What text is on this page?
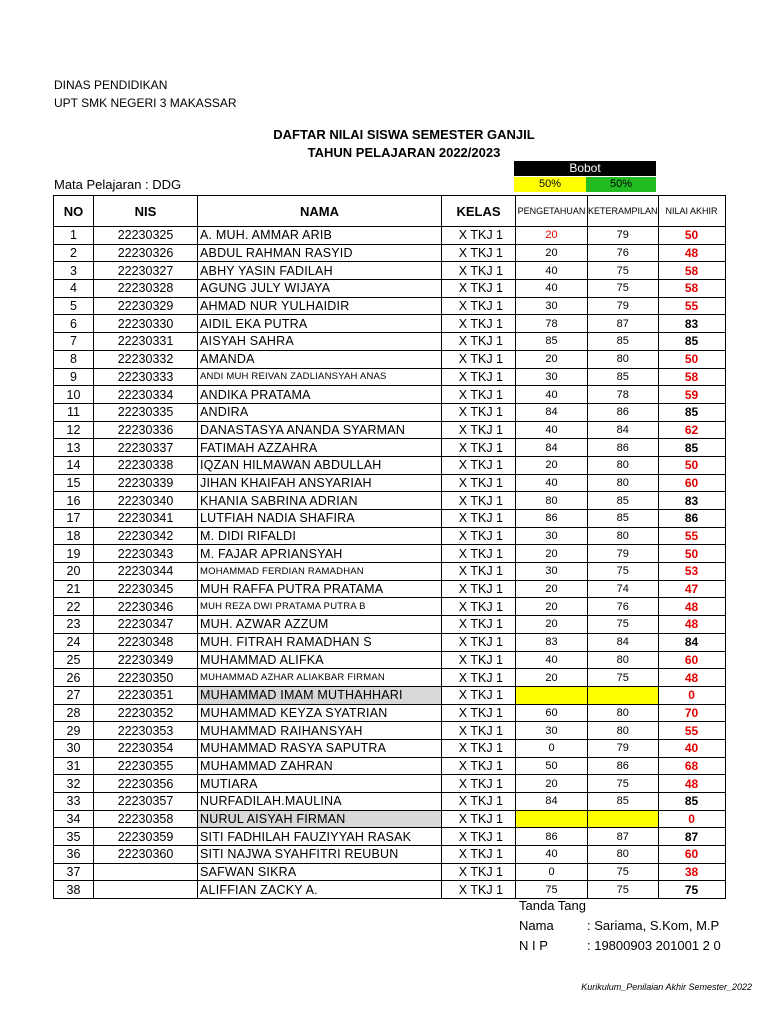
DINAS PENDIDIKAN
UPT SMK NEGERI 3 MAKASSAR
DAFTAR NILAI SISWA SEMESTER GANJIL
TAHUN PELAJARAN 2022/2023
Mata Pelajaran : DDG
Bobot
50%	50%
NO	NIS	NAMA	KELAS	PENGETAHUAN	KETERAMPILAN	NILAI AKHIR
1	22230325	A. MUH. AMMAR ARIB	X TKJ 1	20	79	50
2	22230326	ABDUL RAHMAN RASYID	X TKJ 1	20	76	48
3	22230327	ABHY YASIN FADILAH	X TKJ 1	40	75	58
4	22230328	AGUNG JULY WIJAYA	X TKJ 1	40	75	58
5	22230329	AHMAD NUR YULHAIDIR	X TKJ 1	30	79	55
6	22230330	AIDIL EKA PUTRA	X TKJ 1	78	87	83
7	22230331	AISYAH SAHRA	X TKJ 1	85	85	85
8	22230332	AMANDA	X TKJ 1	20	80	50
9	22230333	ANDI MUH REIVAN ZADLIANSYAH ANAS	X TKJ 1	30	85	58
10	22230334	ANDIKA PRATAMA	X TKJ 1	40	78	59
11	22230335	ANDIRA	X TKJ 1	84	86	85
12	22230336	DANASTASYA ANANDA SYARMAN	X TKJ 1	40	84	62
13	22230337	FATIMAH AZZAHRA	X TKJ 1	84	86	85
14	22230338	IQZAN HILMAWAN ABDULLAH	X TKJ 1	20	80	50
15	22230339	JIHAN KHAIFAH ANSYARIAH	X TKJ 1	40	80	60
16	22230340	KHANIA SABRINA ADRIAN	X TKJ 1	80	85	83
17	22230341	LUTFIAH NADIA SHAFIRA	X TKJ 1	86	85	86
18	22230342	M. DIDI RIFALDI	X TKJ 1	30	80	55
19	22230343	M. FAJAR APRIANSYAH	X TKJ 1	20	79	50
20	22230344	MOHAMMAD FERDIAN RAMADHAN	X TKJ 1	30	75	53
21	22230345	MUH RAFFA PUTRA PRATAMA	X TKJ 1	20	74	47
22	22230346	MUH REZA DWI PRATAMA PUTRA B	X TKJ 1	20	76	48
23	22230347	MUH. AZWAR AZZUM	X TKJ 1	20	75	48
24	22230348	MUH. FITRAH RAMADHAN S	X TKJ 1	83	84	84
25	22230349	MUHAMMAD ALIFKA	X TKJ 1	40	80	60
26	22230350	MUHAMMAD AZHAR ALIAKBAR FIRMAN	X TKJ 1	20	75	48
27	22230351	MUHAMMAD IMAM MUTHAHHARI	X TKJ 1			0
28	22230352	MUHAMMAD KEYZA SYATRIAN	X TKJ 1	60	80	70
29	22230353	MUHAMMAD RAIHANSYAH	X TKJ 1	30	80	55
30	22230354	MUHAMMAD RASYA SAPUTRA	X TKJ 1	0	79	40
31	22230355	MUHAMMAD ZAHRAN	X TKJ 1	50	86	68
32	22230356	MUTIARA	X TKJ 1	20	75	48
33	22230357	NURFADILAH.MAULINA	X TKJ 1	84	85	85
34	22230358	NURUL AISYAH FIRMAN	X TKJ 1			0
35	22230359	SITI FADHILAH FAUZIYYAH RASAK	X TKJ 1	86	87	87
36	22230360	SITI NAJWA SYAHFITRI REUBUN	X TKJ 1	40	80	60
37		SAFWAN SIKRA	X TKJ 1	0	75	38
38		ALIFFIAN ZACKY A.	X TKJ 1	75	75	75
Tanda Tang
Nama	: Sariama, S.Kom, M.P
N I P	: 19800903 201001 2 0
Kurikulum_Penilaian Akhir Semester_2022
